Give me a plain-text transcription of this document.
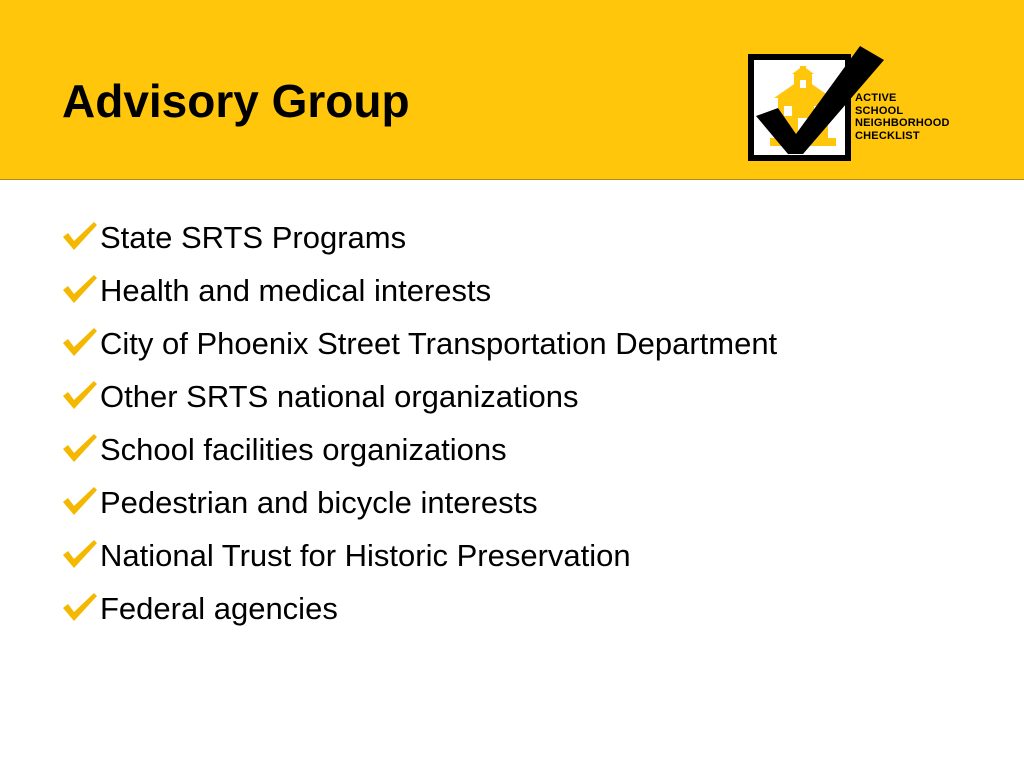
Advisory Group	ACTIVE
SCHOOL
NEIGHBORHOOD
CHECKLIST
State SRTS Programs
Health and medical interests
City of Phoenix Street Transportation Department
Other SRTS national organizations
School facilities organizations
Pedestrian and bicycle interests
National Trust for Historic Preservation
Federal agencies
